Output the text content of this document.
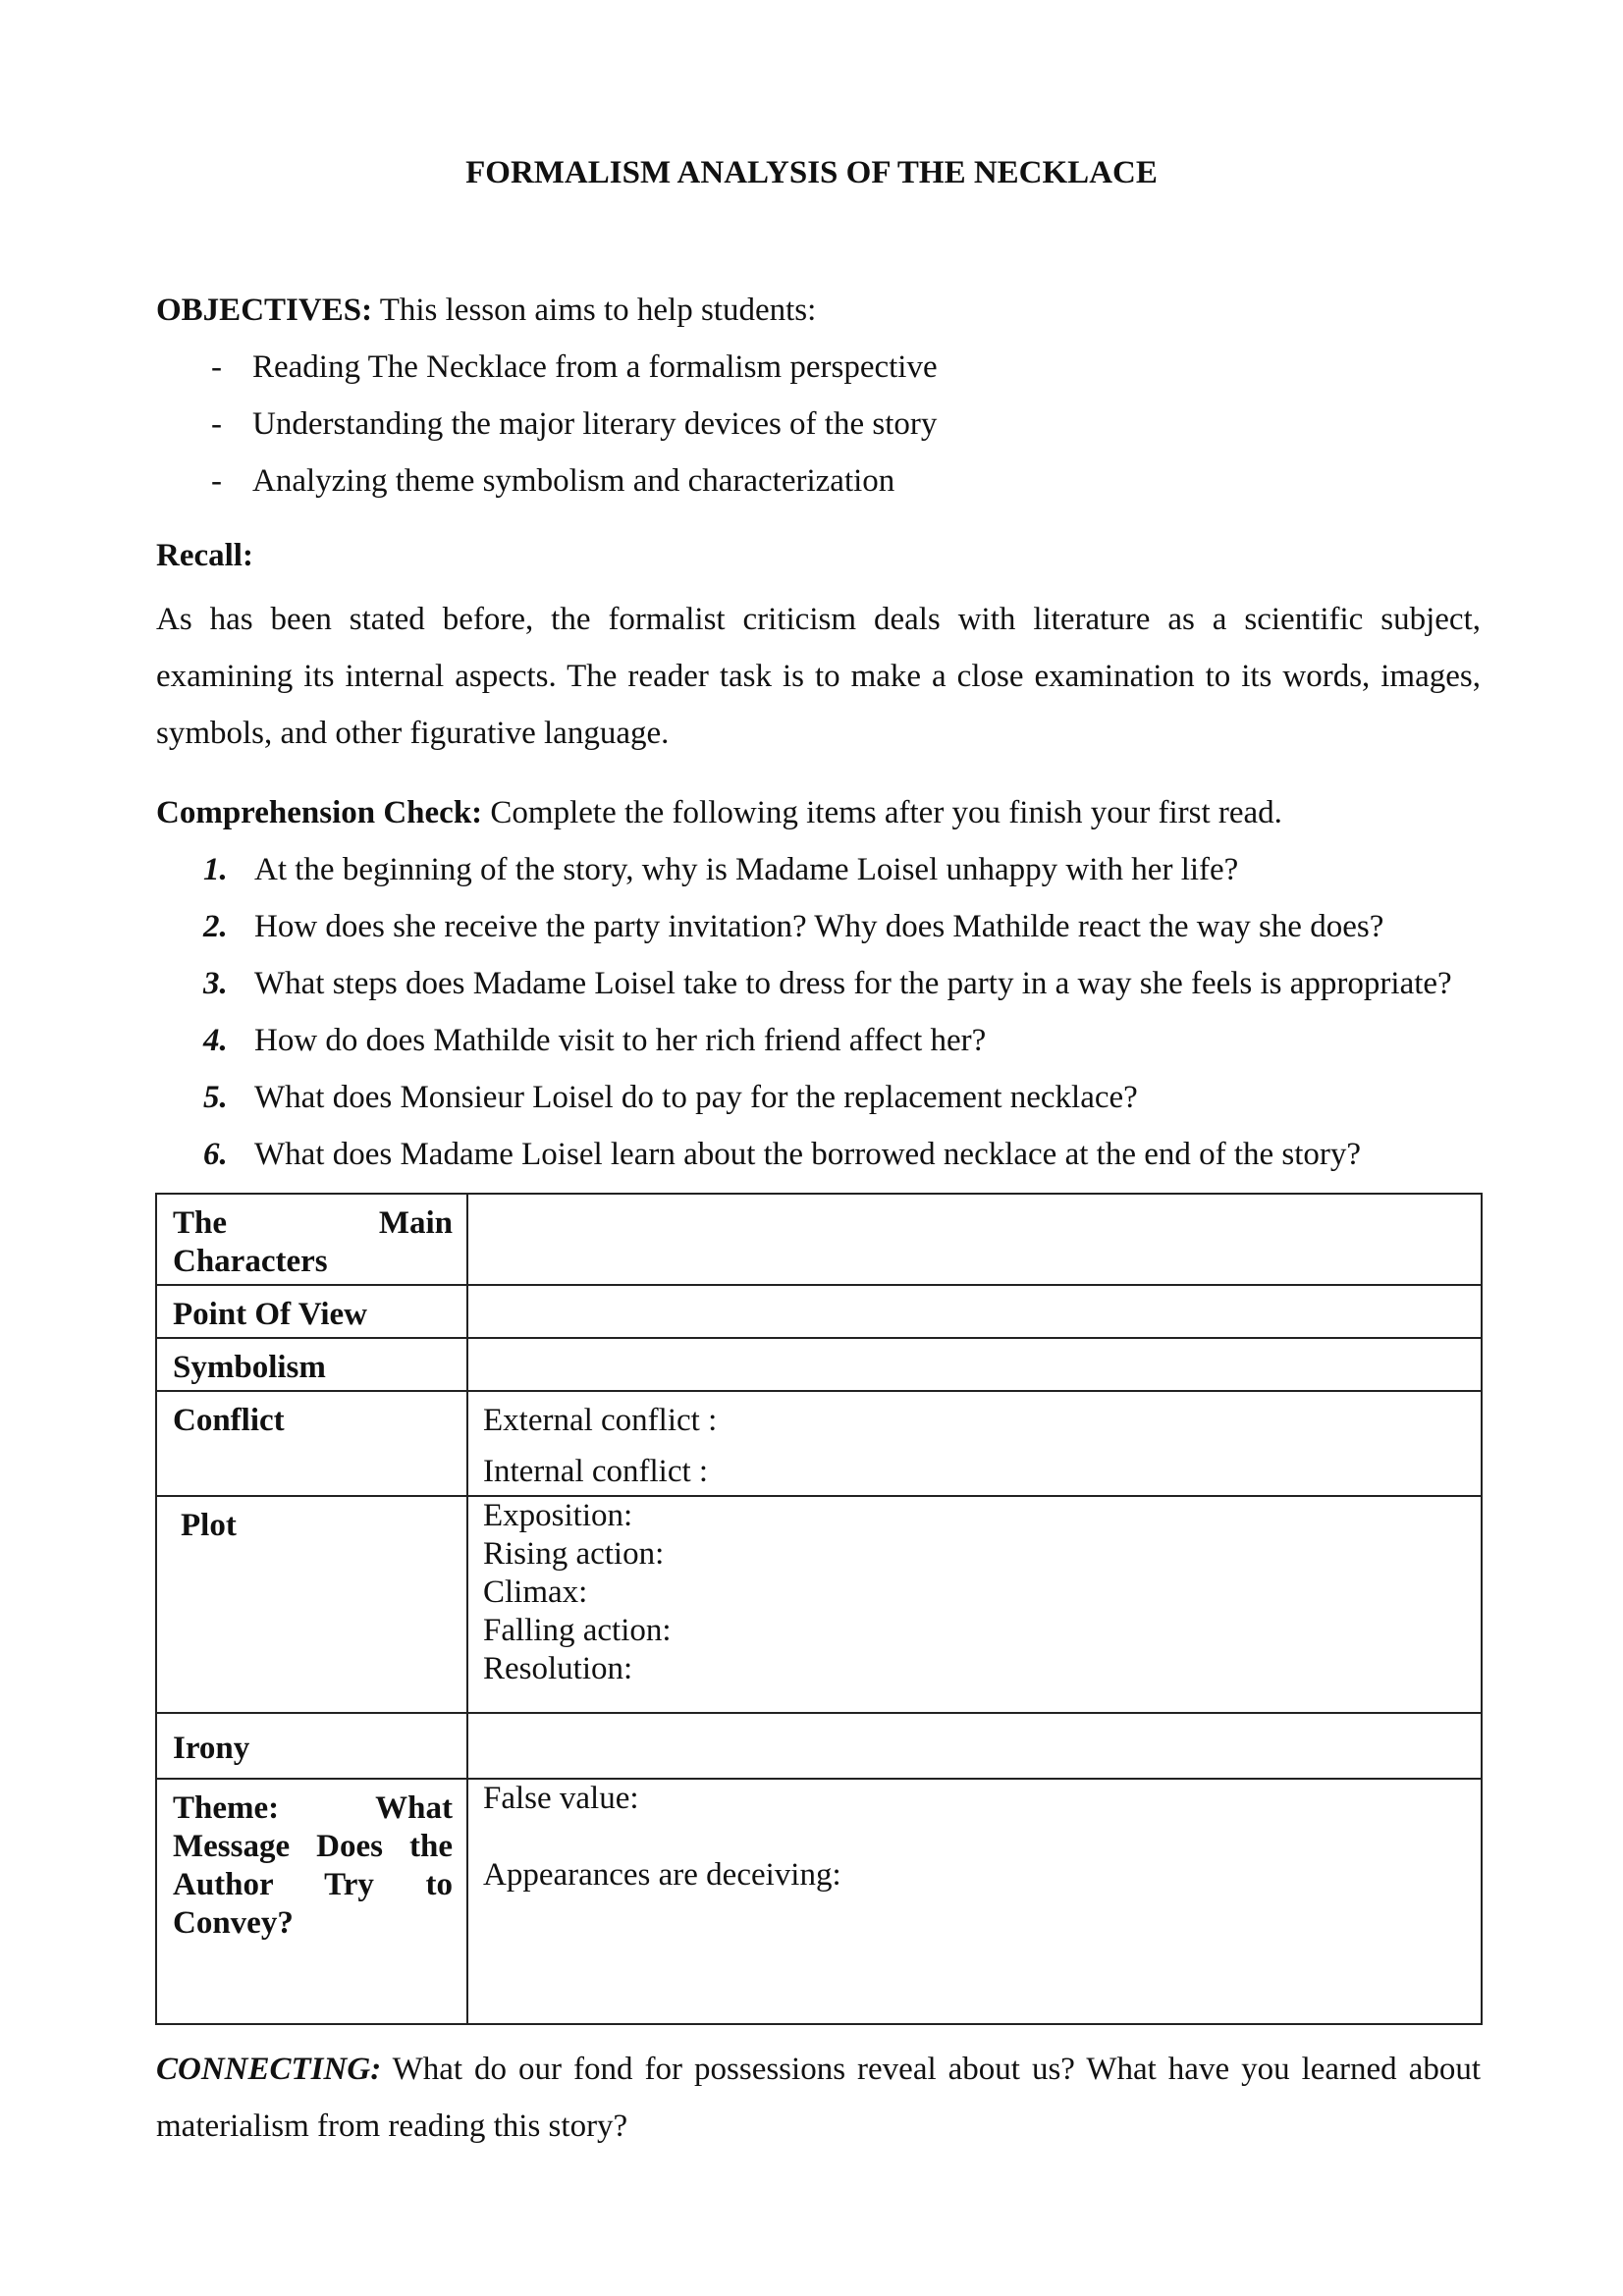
FORMALISM ANALYSIS OF THE NECKLACE
OBJECTIVES: This lesson aims to help students:
- Reading The Necklace from a formalism perspective
- Understanding the major literary devices of the story
- Analyzing theme symbolism and characterization
Recall:
As has been stated before, the formalist criticism deals with literature as a scientific subject, examining its internal aspects. The reader task is to make a close examination to its words, images, symbols, and other figurative language.
Comprehension Check: Complete the following items after you finish your first read.
1. At the beginning of the story, why is Madame Loisel unhappy with her life?
2. How does she receive the party invitation? Why does Mathilde react the way she does?
3. What steps does Madame Loisel take to dress for the party in a way she feels is appropriate?
4. How do does Mathilde visit to her rich friend affect her?
5. What does Monsieur Loisel do to pay for the replacement necklace?
6. What does Madame Loisel learn about the borrowed necklace at the end of the story?
The Main
Characters	

Point Of View	
Symbolism	
Conflict	External conflict :
Internal conflict :

Plot	Exposition:
Rising action:
Climax:
Falling action:
Resolution:

Irony	
Theme: What Message Does the Author Try to Convey?	False value:
Appearances are deceiving:
CONNECTING: What do our fond for possessions reveal about us? What have you learned about materialism from reading this story?
